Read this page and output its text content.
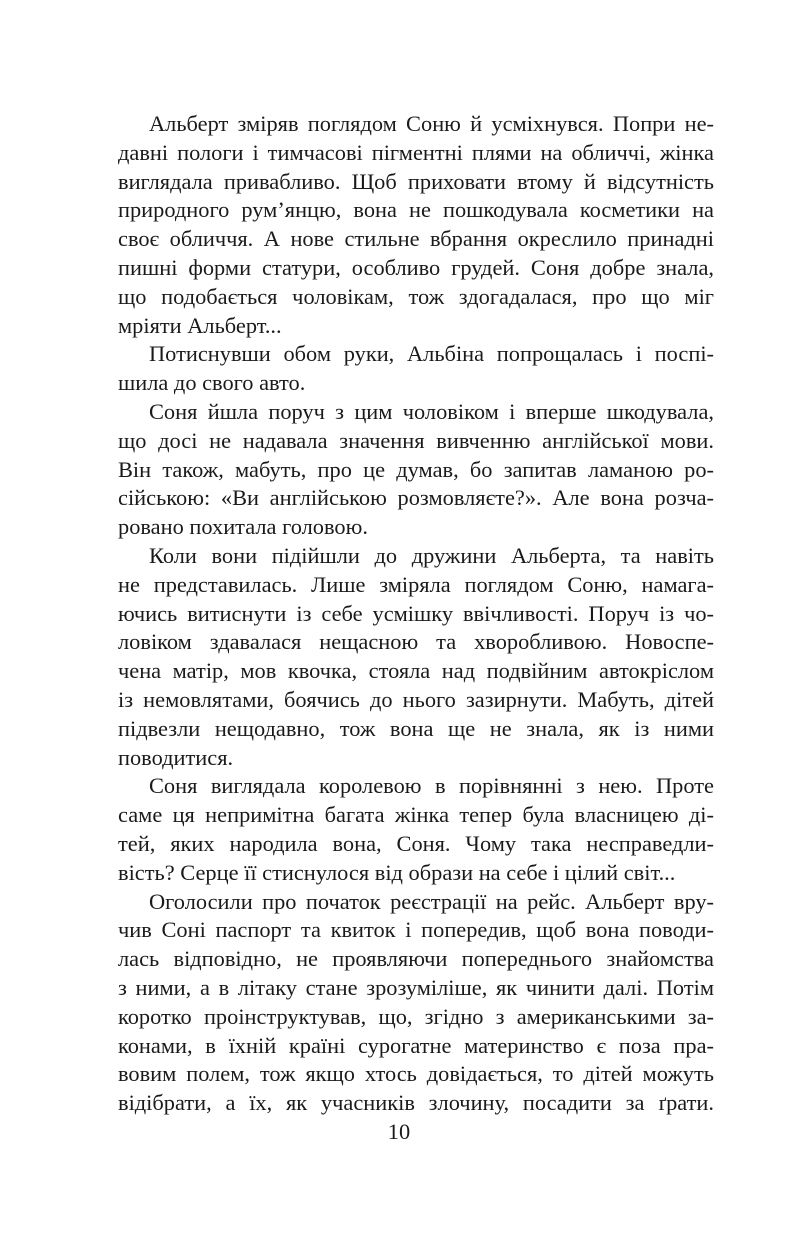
Альберт зміряв поглядом Соню й усміхнувся. Попри не-
давні пологи і тимчасові пігментні плями на обличчі, жінка
виглядала привабливо. Щоб приховати втому й відсутність
природного рум’янцю, вона не пошкодувала косметики на
своє обличчя. А нове стильне вбрання окреслило принадні
пишні форми статури, особливо грудей. Соня добре знала,
що подобається чоловікам, тож здогадалася, про що міг
мріяти Альберт...

Потиснувши обом руки, Альбіна попрощалась і поспі-
шила до свого авто.

Соня йшла поруч з цим чоловіком і вперше шкодувала,
що досі не надавала значення вивченню англійської мови.
Він також, мабуть, про це думав, бо запитав ламаною ро-
сійською: «Ви англійською розмовляєте?». Але вона розча-
ровано похитала головою.

Коли вони підійшли до дружини Альберта, та навіть
не представилась. Лише зміряла поглядом Соню, намага-
ючись витиснути із себе усмішку ввічливості. Поруч із чо-
ловіком здавалася нещасною та хворобливою. Новоспе-
чена матір, мов квочка, стояла над подвійним автокріслом
із немовлятами, боячись до нього зазирнути. Мабуть, дітей
підвезли нещодавно, тож вона ще не знала, як із ними
поводитися.

Соня виглядала королевою в порівнянні з нею. Проте
саме ця непримітна багата жінка тепер була власницею ді-
тей, яких народила вона, Соня. Чому така несправедли-
вість? Серце її стиснулося від образи на себе і цілий світ...

Оголосили про початок реєстрації на рейс. Альберт вру-
чив Соні паспорт та квиток і попередив, щоб вона поводи-
лась відповідно, не проявляючи попереднього знайомства
з ними, а в літаку стане зрозуміліше, як чинити далі. Потім
коротко проінструктував, що, згідно з американськими за-
конами, в їхній країні сурогатне материнство є поза пра-
вовим полем, тож якщо хтось довідається, то дітей можуть
відібрати, а їх, як учасників злочину, посадити за ґрати.

10
